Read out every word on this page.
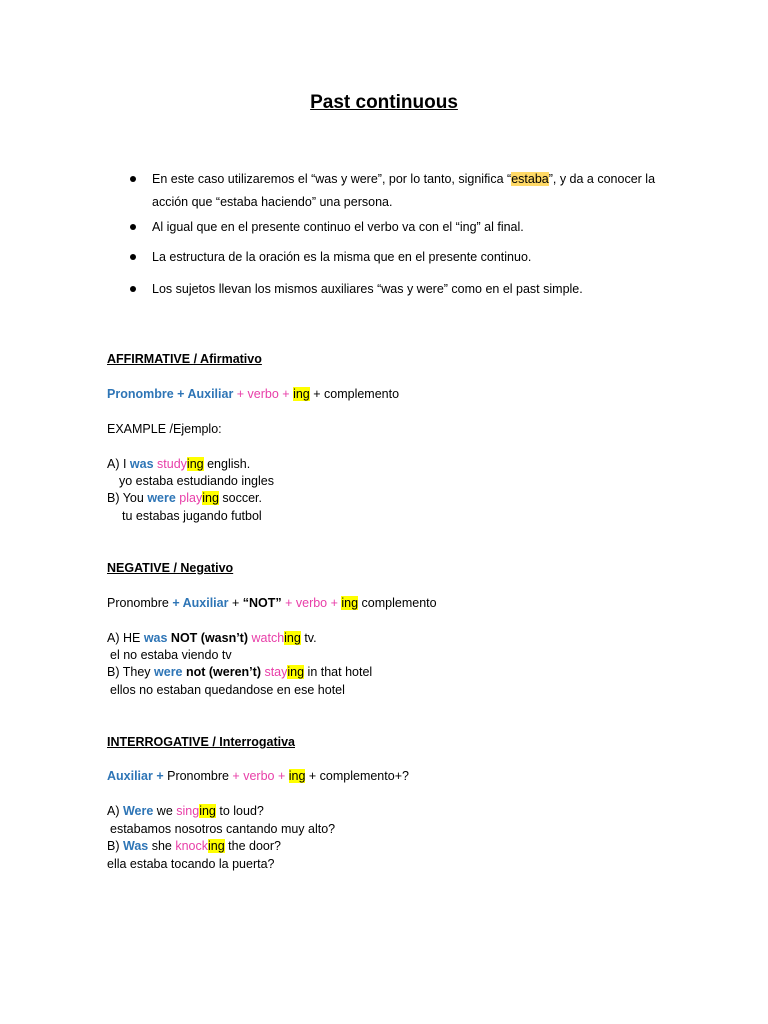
Past continuous
En este caso utilizaremos el “was y were”, por lo tanto, significa “estaba”, y da a conocer la
acción que “estaba haciendo” una persona.
Al igual que en el presente continuo el verbo va con el “ing” al final.
La estructura de la oración es la misma que en el presente continuo.
Los sujetos llevan los mismos auxiliares “was y were” como en el past simple.
AFFIRMATIVE / Afirmativo
Pronombre + Auxiliar + verbo + ing + complemento
EXAMPLE /Ejemplo:
A) I was studying english.
yo estaba estudiando ingles
B) You were playing soccer.
tu estabas jugando futbol
NEGATIVE / Negativo
Pronombre + Auxiliar + “NOT” + verbo + ing complemento
A) HE was NOT (wasn’t) watching tv.
el no estaba viendo tv
B) They were not (weren’t) staying in that hotel
ellos no estaban quedandose en ese hotel
INTERROGATIVE / Interrogativa
Auxiliar + Pronombre + verbo + ing + complemento+?
A) Were we singing to loud?
estabamos nosotros cantando muy alto?
B) Was she knocking the door?
ella estaba tocando la puerta?
